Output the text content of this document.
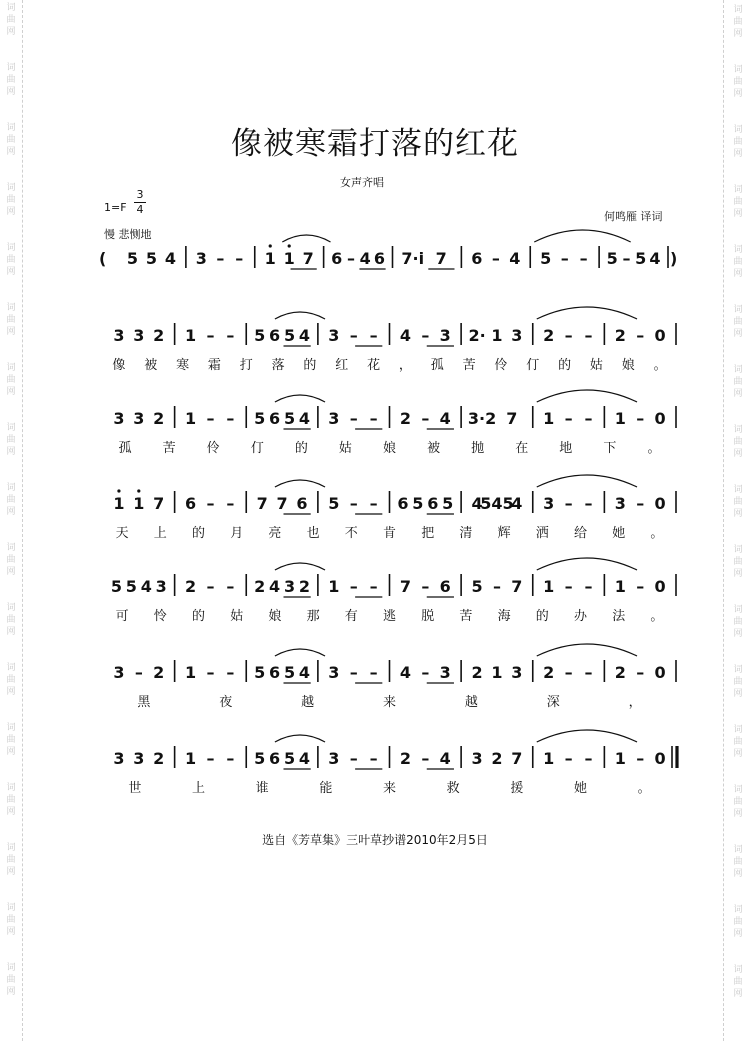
词
曲
网
词
曲
网
词
曲
网
词
曲
网
词
曲
网
词
曲
网
词
曲
网
词
曲
网
词
曲
网
词
曲
网
词
曲
网
词
曲
网
词
曲
网
词
曲
网
词
曲
网
词
曲
网
词
曲
网
词
曲
网
词
曲
网
词
曲
网
词
曲
网
词
曲
网
词
曲
网
词
曲
网
词
曲
网
词
曲
网
词
曲
网
词
曲
网
词
曲
网
词
曲
网
词
曲
网
词
曲
网
词
曲
网
词
曲
网
像被寒霜打落的红花
女声齐唱
1=F
3
4
慢 悲恻地
何鸣雁 译词
(	)
5 5 4 3 – – 1 1 7 6 – 4 6 7·i 7 6 – 4 5 – – 5 – 5 4
3 3 2 1 – – 5 6 5 4 3 – – 4 – 3 2· 1 3 2 – – 2 – 0
像 被 寒 霜 打 落 的 红 花 ， 孤 苦 伶 仃 的 姑 娘 。
3 3 2 1 – – 5 6 5 4 3 – – 2 – 4 3·2 7 1 – – 1 – 0
孤 苦 伶 仃 的 姑 娘 被 抛 在 地 下 。
1 1 7 6 – – 7 7 6 5 – – 6 5 6 5 4
545
4 3 – – 3 – 0
天 上 的 月 亮 也 不 肯 把 清 辉 洒 给 她 。
5 5 4 3 2 – – 2 4 3 2 1 – – 7 – 6 5 – 7 1 – – 1 – 0
可 怜 的 姑 娘 那 有 逃 脱 苦 海 的 办 法 。
3 – 2 1 – – 5 6 5 4 3 – – 4 – 3 2 1 3 2 – – 2 – 0
黑	夜	越	来	越	深	，
3 3 2 1 – – 5 6 5 4 3 – – 2 – 4 3 2 7 1 – – 1 – 0
世	上	谁	能	来	救	援	她	。
选自《芳草集》三叶草抄谱2010年2月5日
